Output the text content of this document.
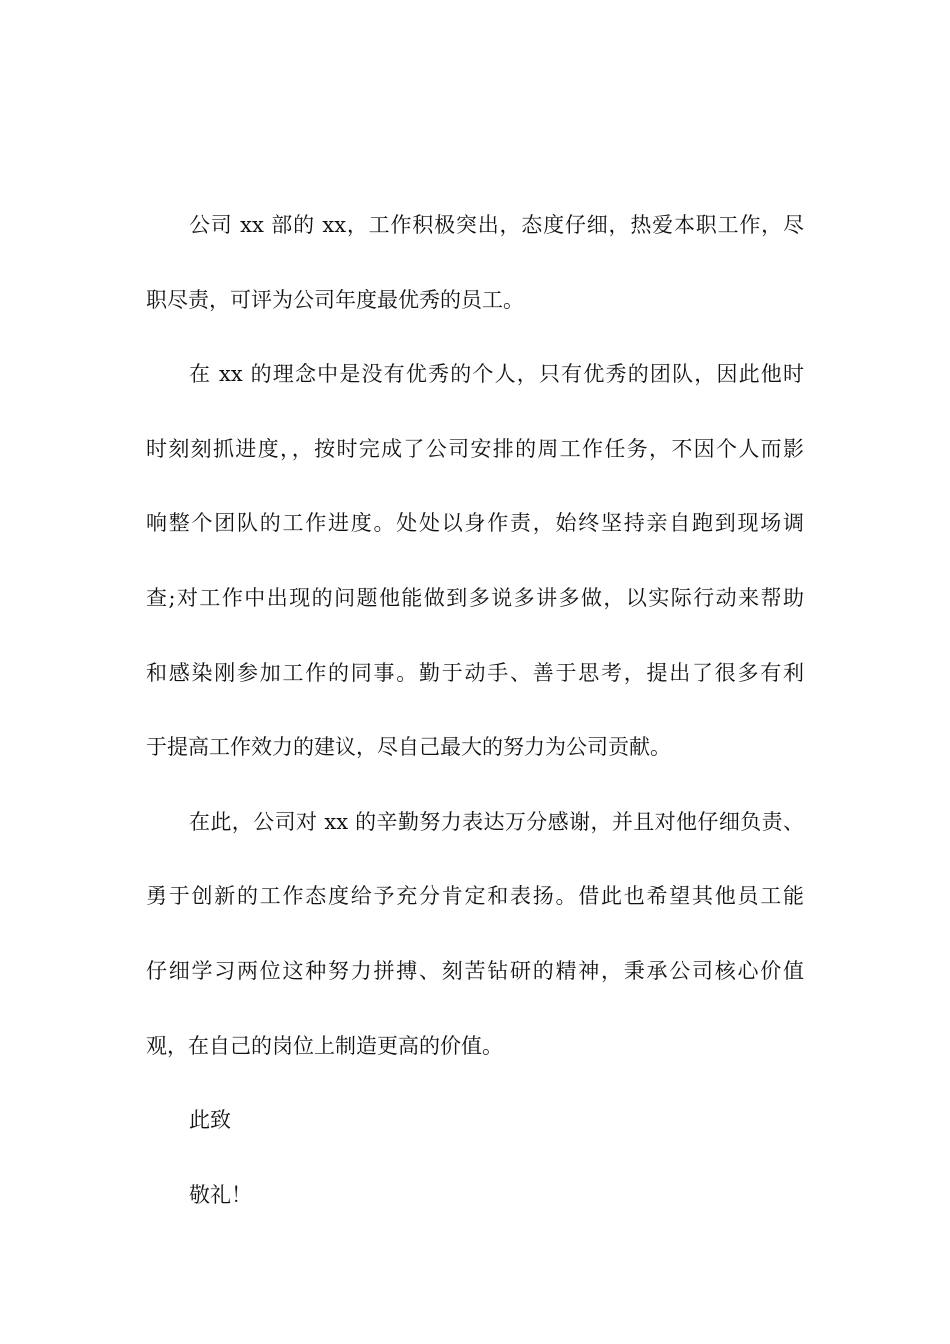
公司 xx 部的 xx，工作积极突出，态度仔细，热爱本职工作，尽
职尽责，可评为公司年度最优秀的员工。
在 xx 的理念中是没有优秀的个人，只有优秀的团队，因此他时
时刻刻抓进度，，按时完成了公司安排的周工作任务，不因个人而影
响整个团队的工作进度。处处以身作责，始终坚持亲自跑到现场调
查;对工作中出现的问题他能做到多说多讲多做，以实际行动来帮助
和感染刚参加工作的同事。勤于动手、善于思考，提出了很多有利
于提高工作效力的建议，尽自己最大的努力为公司贡献。
在此，公司对 xx 的辛勤努力表达万分感谢，并且对他仔细负责、
勇于创新的工作态度给予充分肯定和表扬。借此也希望其他员工能
仔细学习两位这种努力拼搏、刻苦钻研的精神，秉承公司核心价值
观，在自己的岗位上制造更高的价值。
此致
敬礼！
